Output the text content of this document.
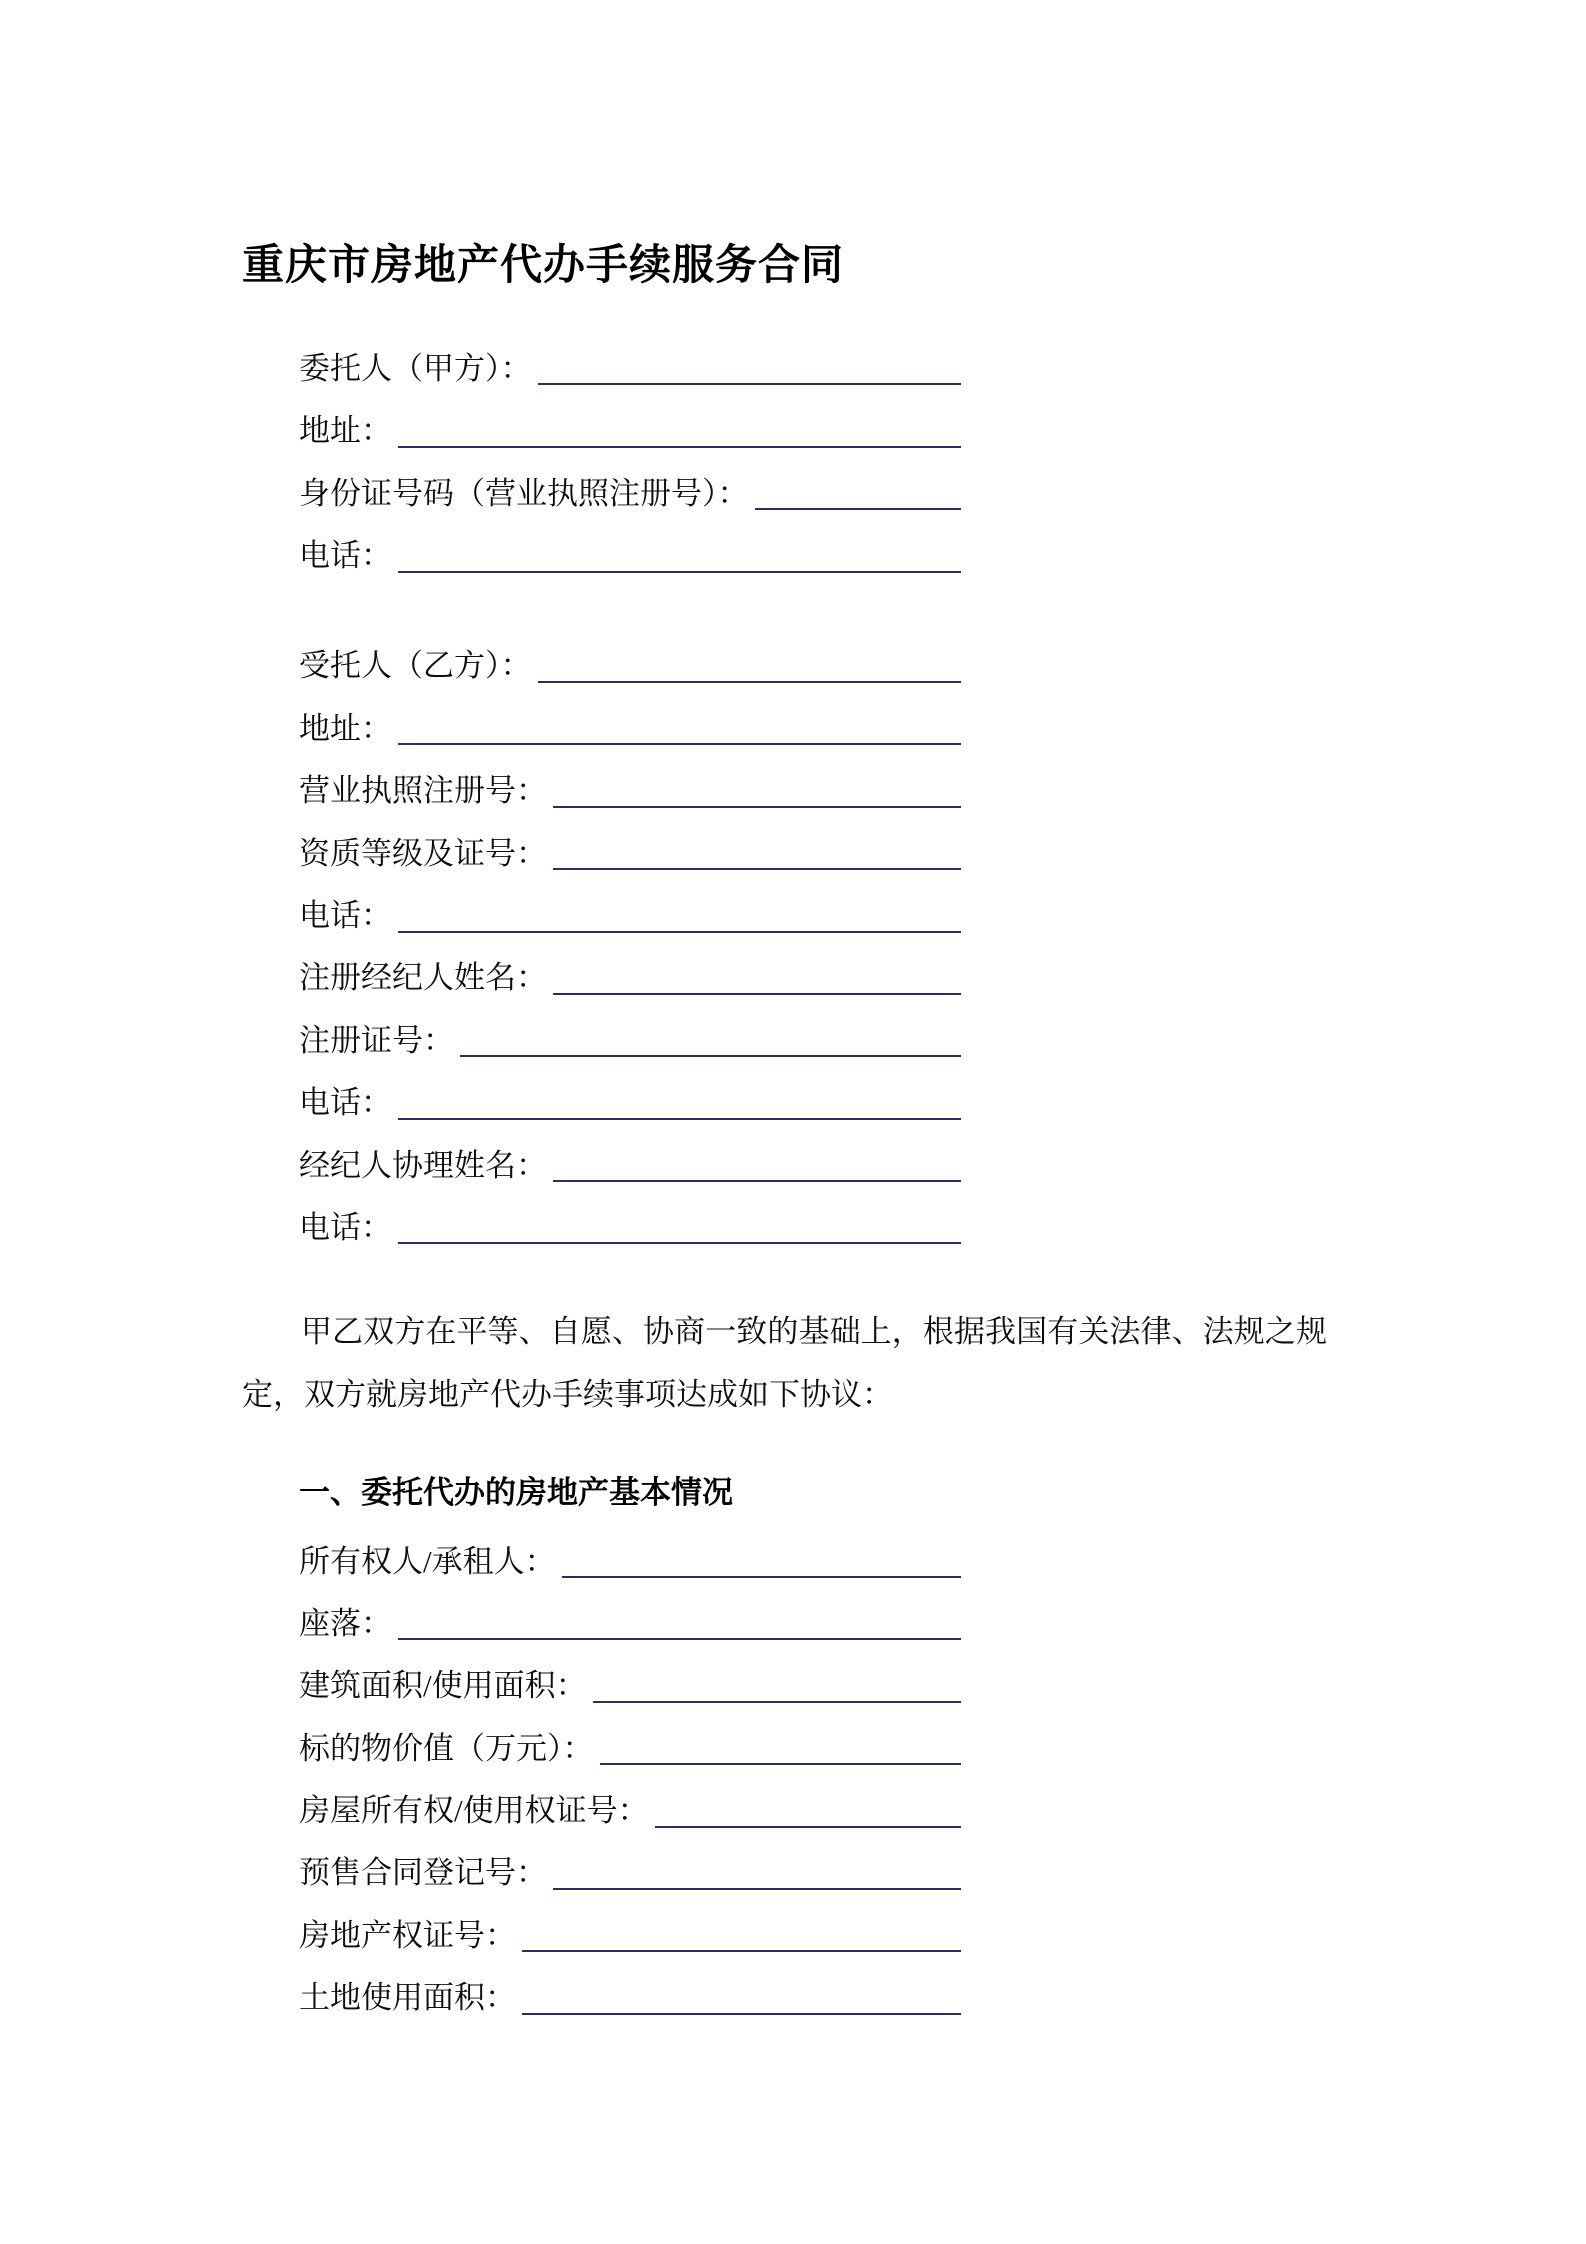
重庆市房地产代办手续服务合同
委托人（甲方）：
地址：
身份证号码（营业执照注册号）：
电话：
受托人（乙方）：
地址：
营业执照注册号：
资质等级及证号：
电话：
注册经纪人姓名：
注册证号：
电话：
经纪人协理姓名：
电话：

甲乙双方在平等、自愿、协商一致的基础上，根据我国有关法律、法规之规定，双方就房地产代办手续事项达成如下协议：

一、委托代办的房地产基本情况
所有权人/承租人：
座落：
建筑面积/使用面积：
标的物价值（万元）：
房屋所有权/使用权证号：
预售合同登记号：
房地产权证号：
土地使用面积：
